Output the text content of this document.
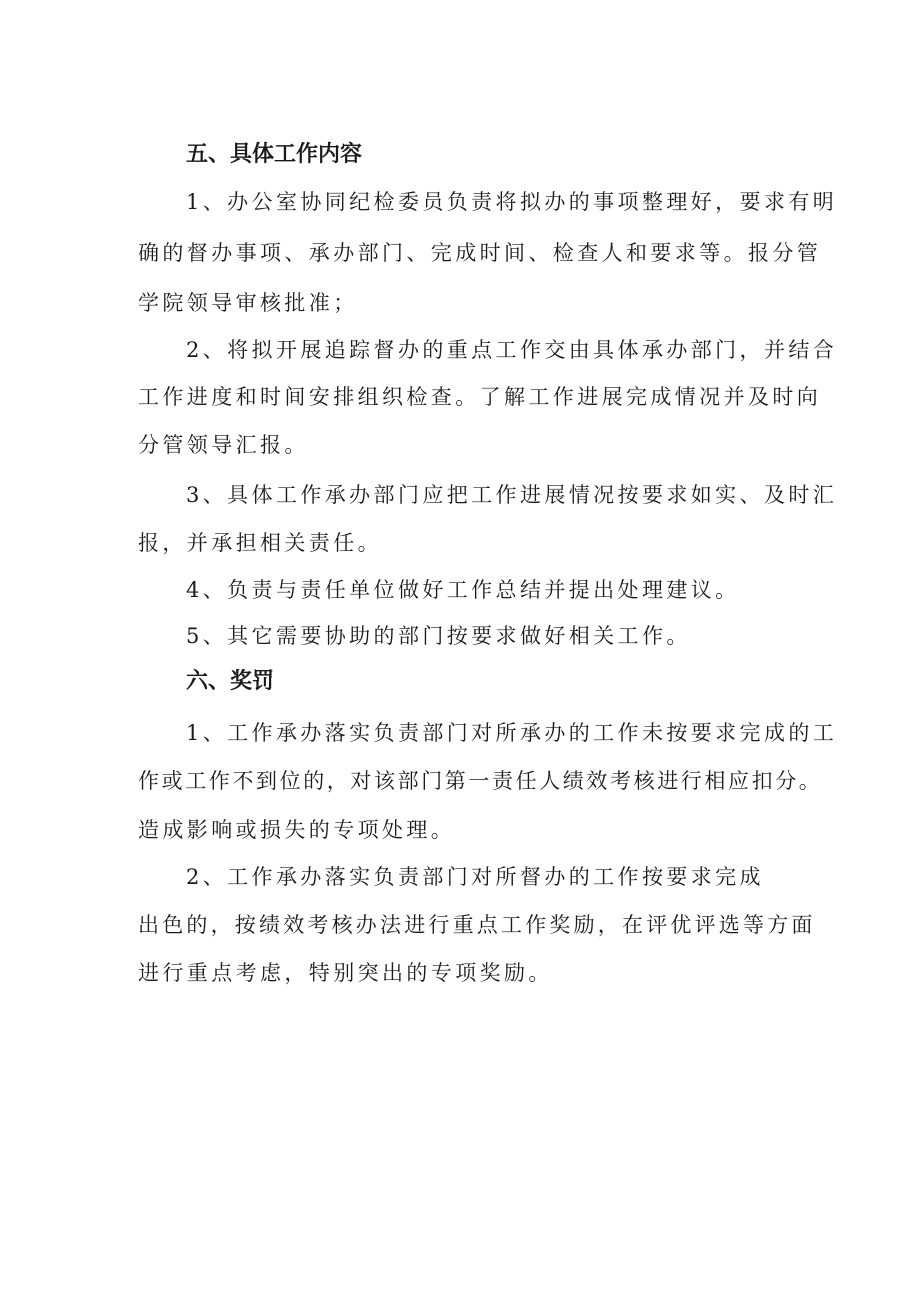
五、具体工作内容
1、办公室协同纪检委员负责将拟办的事项整理好，要求有明
确的督办事项、承办部门、完成时间、检查人和要求等。报分管
学院领导审核批准；
2、将拟开展追踪督办的重点工作交由具体承办部门，并结合
工作进度和时间安排组织检查。了解工作进展完成情况并及时向
分管领导汇报。
3、具体工作承办部门应把工作进展情况按要求如实、及时汇
报，并承担相关责任。
4、负责与责任单位做好工作总结并提出处理建议。
5、其它需要协助的部门按要求做好相关工作。
六、奖罚
1、工作承办落实负责部门对所承办的工作未按要求完成的工
作或工作不到位的，对该部门第一责任人绩效考核进行相应扣分。
造成影响或损失的专项处理。
2、工作承办落实负责部门对所督办的工作按要求完成
出色的，按绩效考核办法进行重点工作奖励，在评优评选等方面
进行重点考虑，特别突出的专项奖励。
